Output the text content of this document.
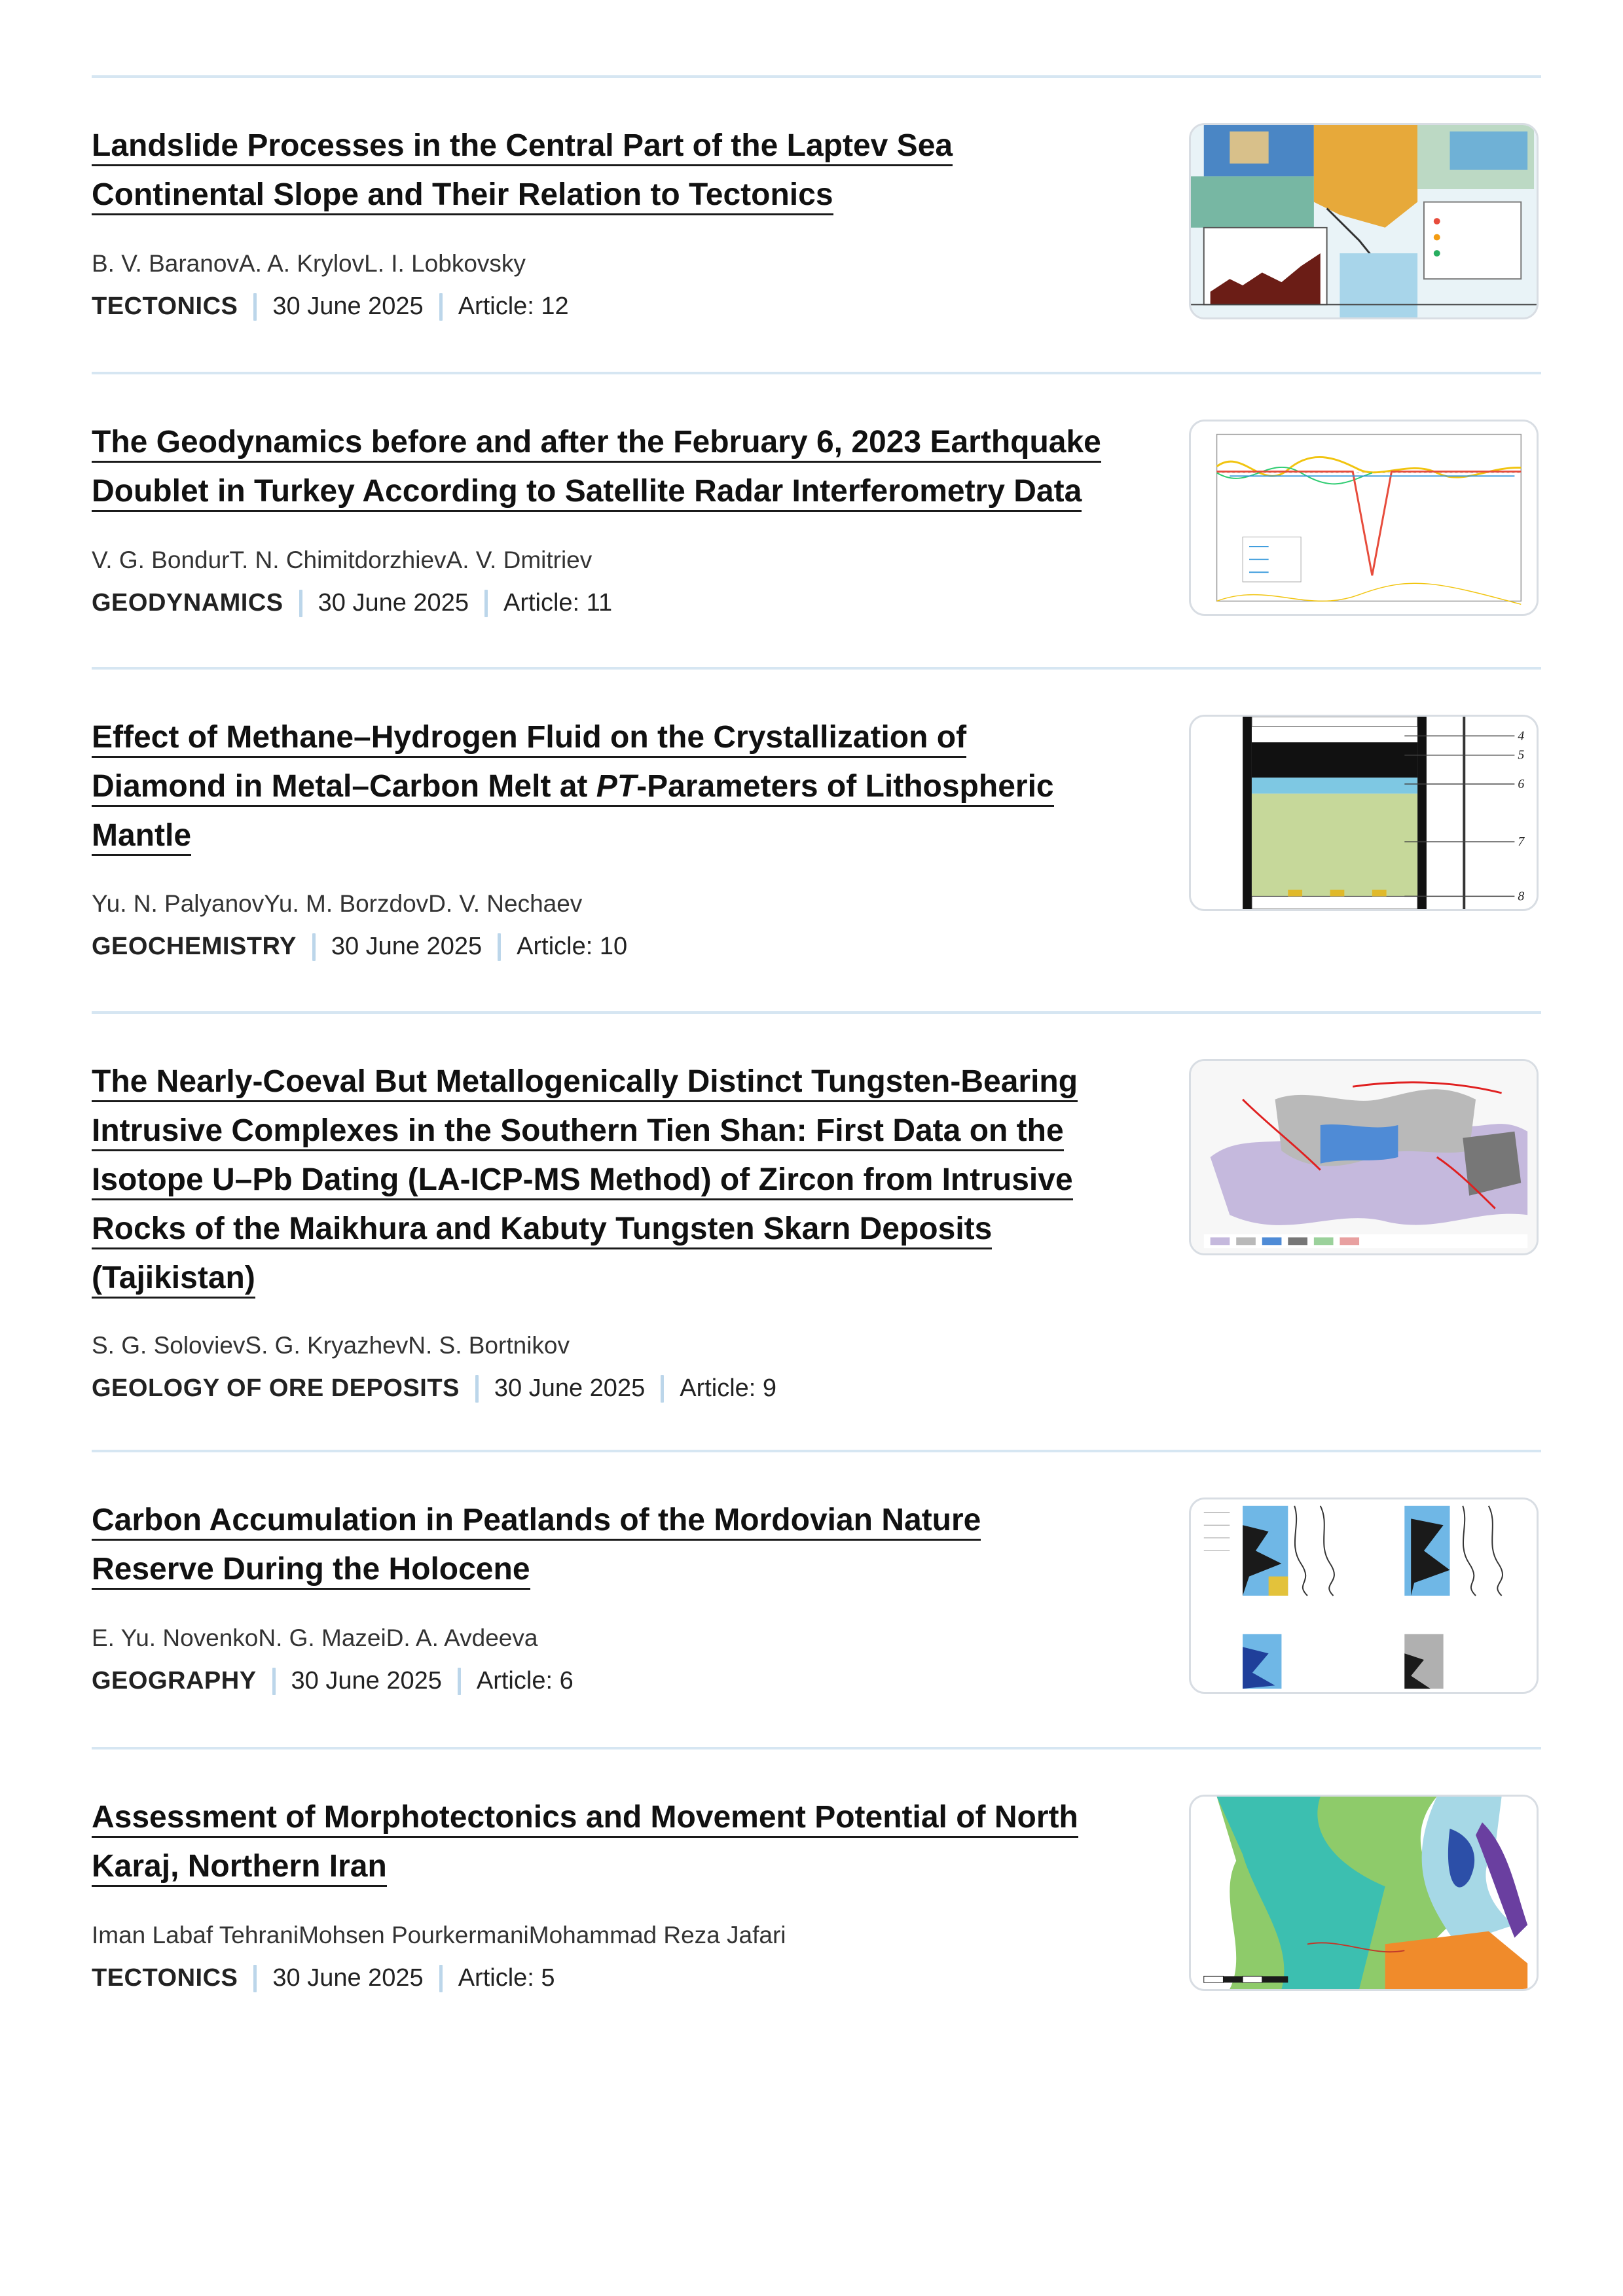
Landslide Processes in the Central Part of the Laptev Sea
Continental Slope and Their Relation to Tectonics
B. V. BaranovA. A. KrylovL. I. Lobkovsky
TECTONICS 30 June 2025 Article: 12
The Geodynamics before and after the February 6, 2023 Earthquake
Doublet in Turkey According to Satellite Radar Interferometry Data
V. G. BondurT. N. ChimitdorzhievA. V. Dmitriev
GEODYNAMICS 30 June 2025 Article: 11
Effect of Methane–Hydrogen Fluid on the Crystallization of
Diamond in Metal–Carbon Melt at PT-Parameters of Lithospheric
Mantle
Yu. N. PalyanovYu. M. BorzdovD. V. Nechaev
GEOCHEMISTRY 30 June 2025 Article: 10
4
5
6
7
8
The Nearly-Coeval But Metallogenically Distinct Tungsten-Bearing
Intrusive Complexes in the Southern Tien Shan: First Data on the
Isotope U–Pb Dating (LA-ICP-MS Method) of Zircon from Intrusive
Rocks of the Maikhura and Kabuty Tungsten Skarn Deposits
(Tajikistan)
S. G. SolovievS. G. KryazhevN. S. Bortnikov
GEOLOGY OF ORE DEPOSITS 30 June 2025 Article: 9
Carbon Accumulation in Peatlands of the Mordovian Nature
Reserve During the Holocene
E. Yu. NovenkoN. G. MazeiD. A. Avdeeva
GEOGRAPHY 30 June 2025 Article: 6
Assessment of Morphotectonics and Movement Potential of North
Karaj, Northern Iran
Iman Labaf TehraniMohsen PourkermaniMohammad Reza Jafari
TECTONICS 30 June 2025 Article: 5
